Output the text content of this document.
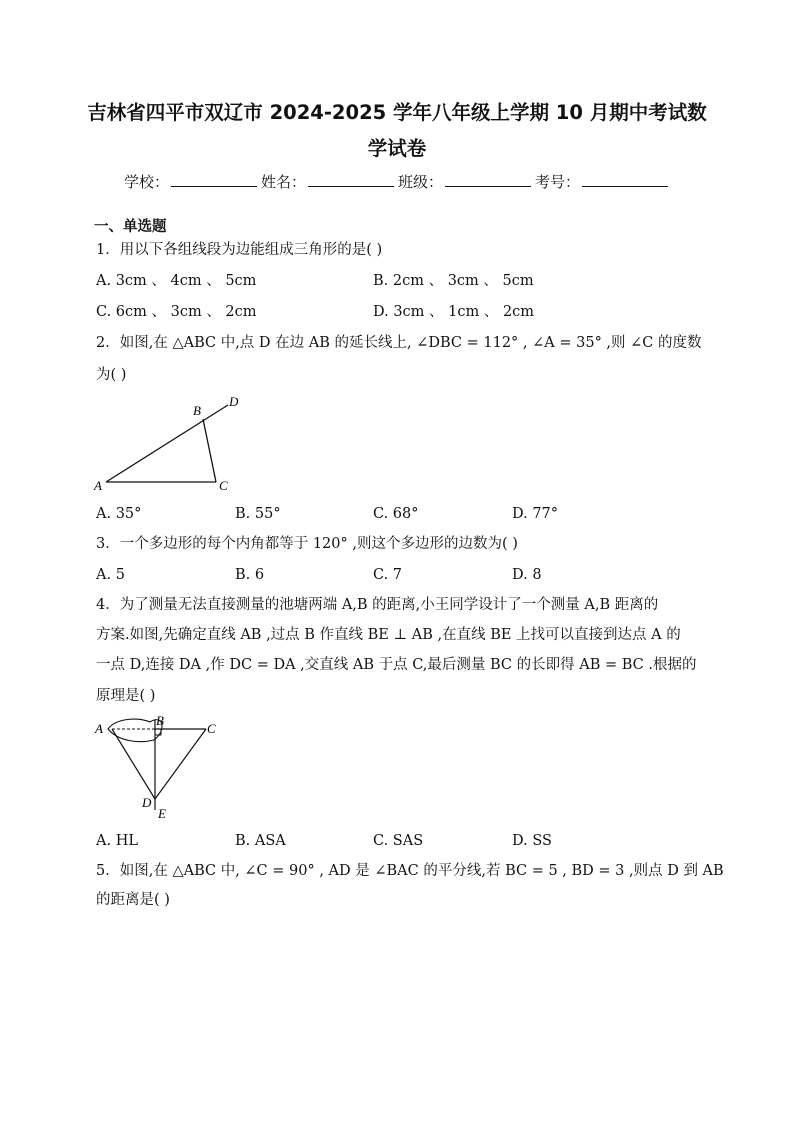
吉林省四平市双辽市 2024-2025 学年八年级上学期 10 月期中考试数
学试卷
学校：	姓名：	班级：	考号：
一、单选题
1．用以下各组线段为边能组成三角形的是( )
A. 3cm 、 4cm 、 5cm	B. 2cm 、 3cm 、 5cm
C. 6cm 、 3cm 、 2cm	D. 3cm 、 1cm 、 2cm
2．如图,在 △ABC 中,点 D 在边 AB 的延长线上, ∠DBC = 112° , ∠A = 35° ,则 ∠C 的度数
为( )
A
B
C
D
A. 35°	B. 55°	C. 68°	D. 77°
3．一个多边形的每个内角都等于 120° ,则这个多边形的边数为( )
A. 5	B. 6	C. 7	D. 8
4．为了测量无法直接测量的池塘两端 A,B 的距离,小王同学设计了一个测量 A,B 距离的
方案.如图,先确定直线 AB ,过点 B 作直线 BE ⊥ AB ,在直线 BE 上找可以直接到达点 A 的
一点 D,连接 DA ,作 DC = DA ,交直线 AB 于点 C,最后测量 BC 的长即得 AB = BC .根据的
原理是( )
A
B
C
D
E
A. HL	B. ASA	C. SAS	D. SS
5．如图,在 △ABC 中, ∠C = 90° , AD 是 ∠BAC 的平分线,若 BC = 5 , BD = 3 ,则点 D 到 AB
的距离是( )
